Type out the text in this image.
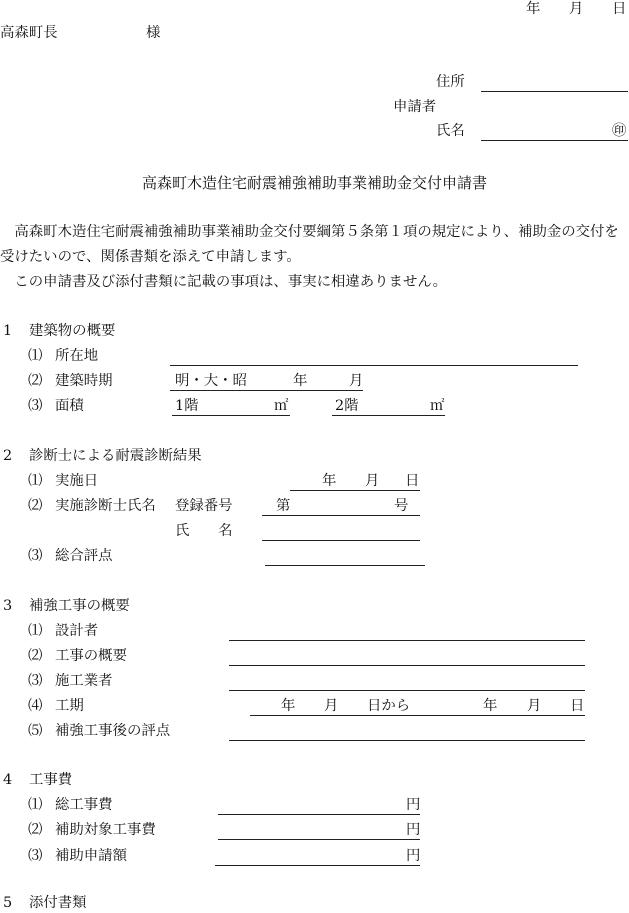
年 月 日
高森町長	様
住所
申請者
氏名	㊞
高森町木造住宅耐震補強補助事業補助金交付申請書
　高森町木造住宅耐震補強補助事業補助金交付要綱第５条第１項の規定により、補助金の交付を
受けたいので、関係書類を添えて申請します。
　この申請書及び添付書類に記載の事項は、事実に相違ありません。
1 建築物の概要
⑴ 所在地
⑵ 建築時期	明・大・昭	年	月
⑶ 面積	1階	㎡	2階	㎡
2 診断士による耐震診断結果
⑴ 実施日	年 月 日
⑵ 実施診断士氏名 登録番号	第	号
氏　　名
⑶ 総合評点
3 補強工事の概要
⑴ 設計者
⑵ 工事の概要
⑶ 施工業者
⑷ 工期	年 月 日から	年 月 日
⑸ 補強工事後の評点
4 工事費
⑴ 総工事費	円
⑵ 補助対象工事費	円
⑶ 補助申請額	円
5 添付書類
